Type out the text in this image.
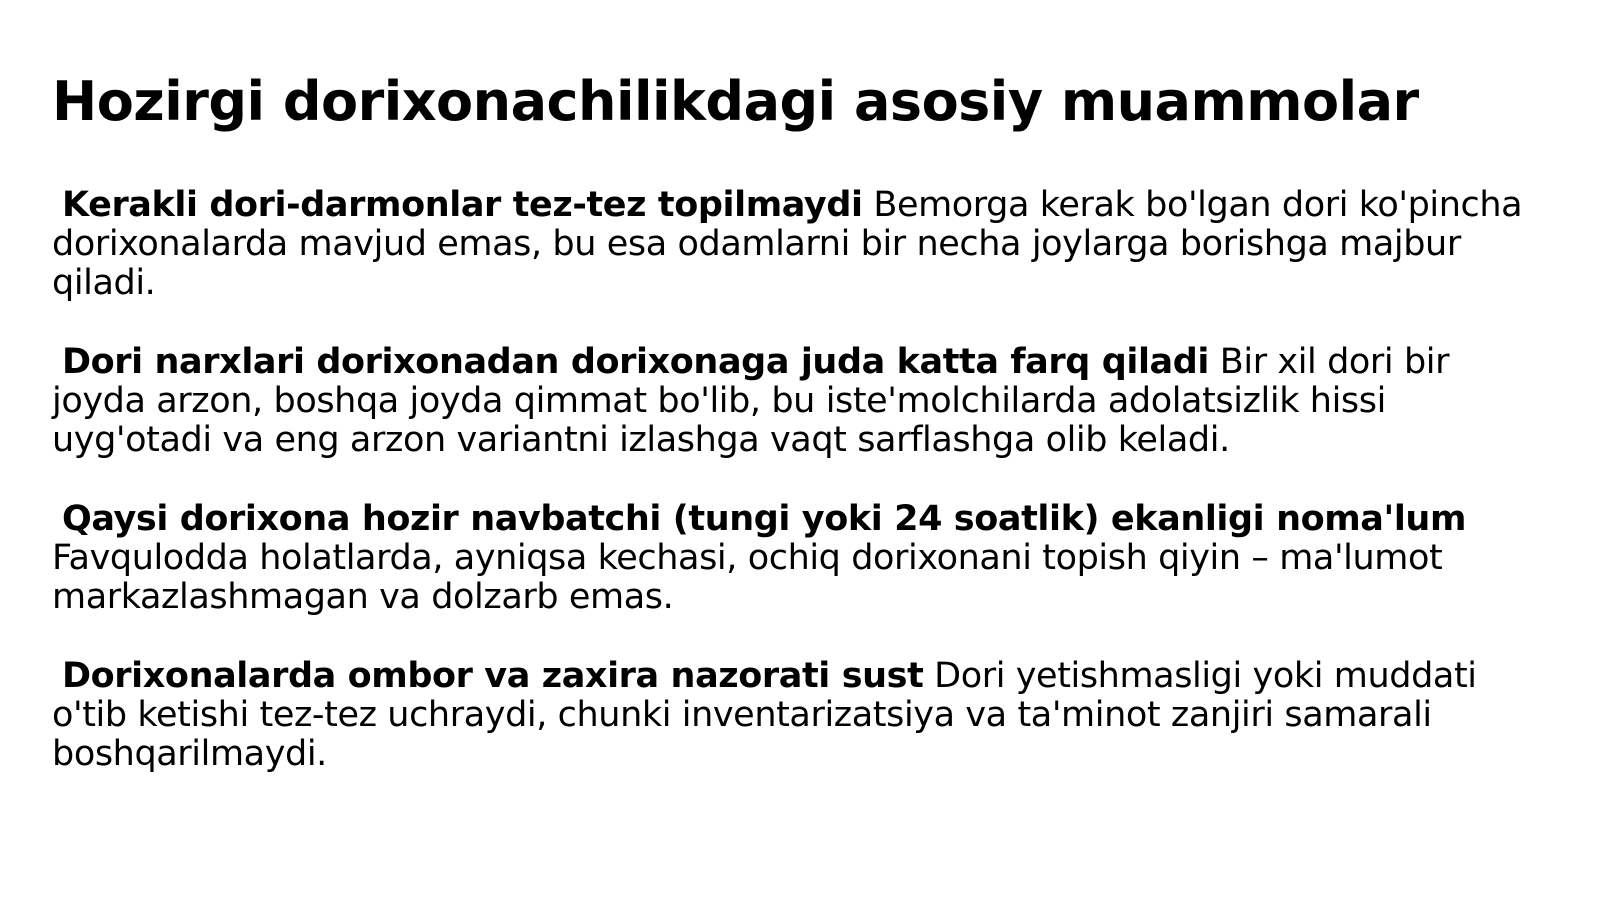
Hozirgi dorixonachilikdagi asosiy muammolar

Kerakli dori-darmonlar tez-tez topilmaydi Bemorga kerak bo'lgan dori ko'pincha dorixonalarda mavjud emas, bu esa odamlarni bir necha joylarga borishga majbur qiladi.

Dori narxlari dorixonadan dorixonaga juda katta farq qiladi Bir xil dori bir joyda arzon, boshqa joyda qimmat bo'lib, bu iste'molchilarda adolatsizlik hissi uyg'otadi va eng arzon variantni izlashga vaqt sarflashga olib keladi.

Qaysi dorixona hozir navbatchi (tungi yoki 24 soatlik) ekanligi noma'lum Favqulodda holatlarda, ayniqsa kechasi, ochiq dorixonani topish qiyin – ma'lumot markazlashmagan va dolzarb emas.

Dorixonalarda ombor va zaxira nazorati sust Dori yetishmasligi yoki muddati o'tib ketishi tez-tez uchraydi, chunki inventarizatsiya va ta'minot zanjiri samarali boshqarilmaydi.
